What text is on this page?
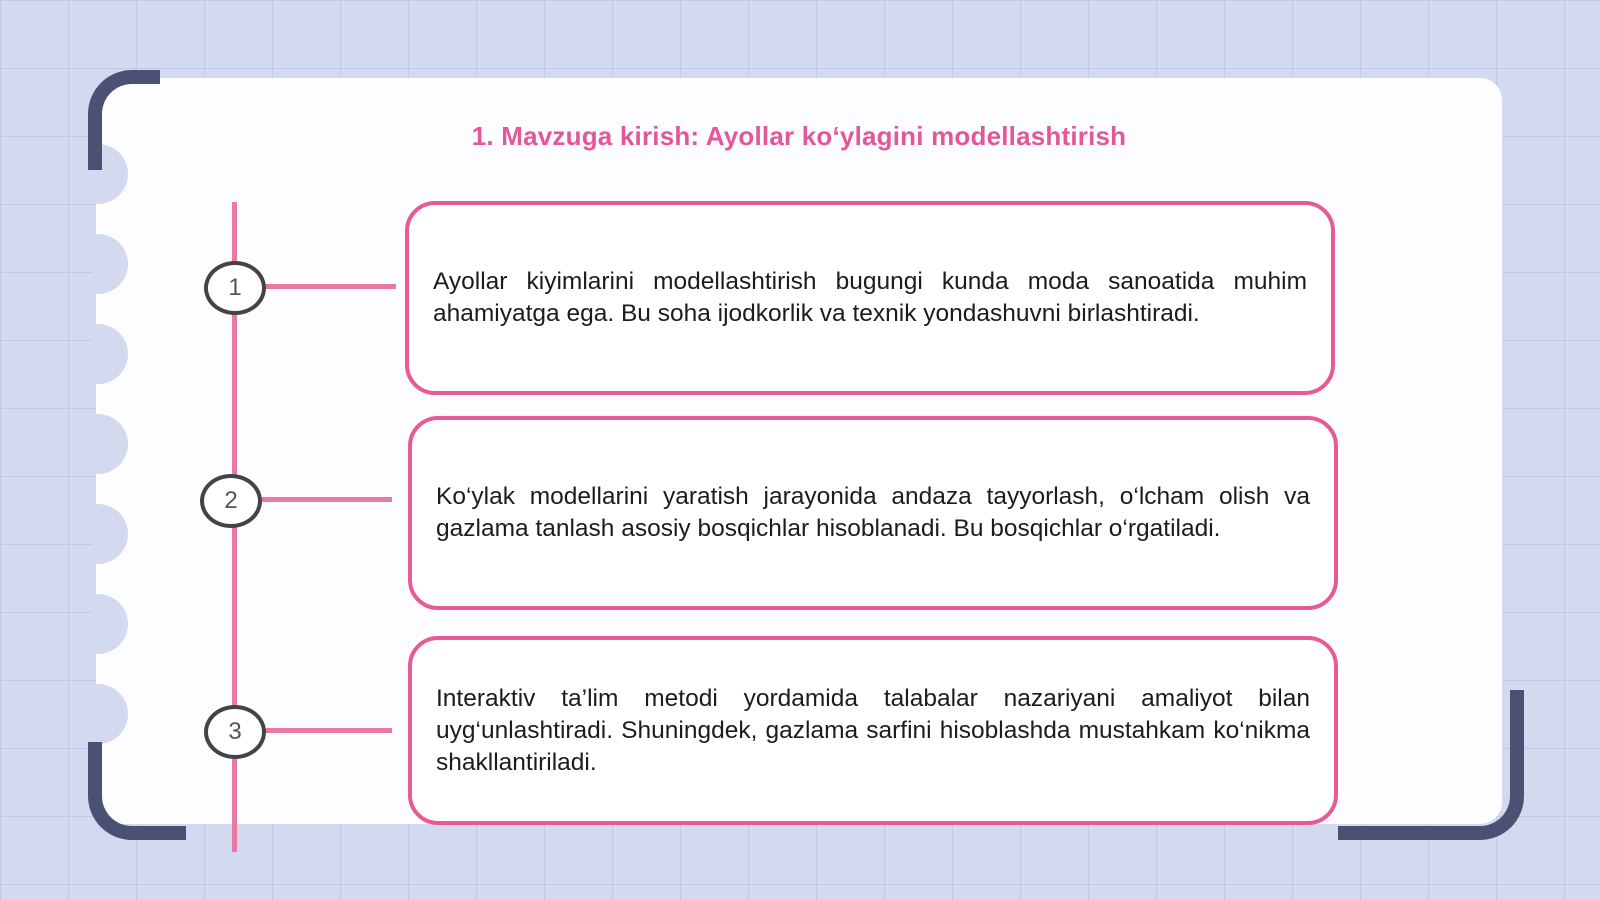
1. Mavzuga kirish: Ayollar ko‘ylagini modellashtirish
1	Ayollar kiyimlarini modellashtirish bugungi kunda moda sanoatida muhim ahamiyatga ega. Bu soha ijodkorlik va texnik yondashuvni birlashtiradi.

2	Ko‘ylak modellarini yaratish jarayonida andaza tayyorlash, o‘lcham olish va gazlama tanlash asosiy bosqichlar hisoblanadi. Bu bosqichlar o‘rgatiladi.

3

Interaktiv ta’lim metodi yordamida talabalar nazariyani amaliyot bilan uyg‘unlashtiradi. Shuningdek, gazlama sarfini hisoblashda mustahkam ko‘nikma shakllantiriladi.
